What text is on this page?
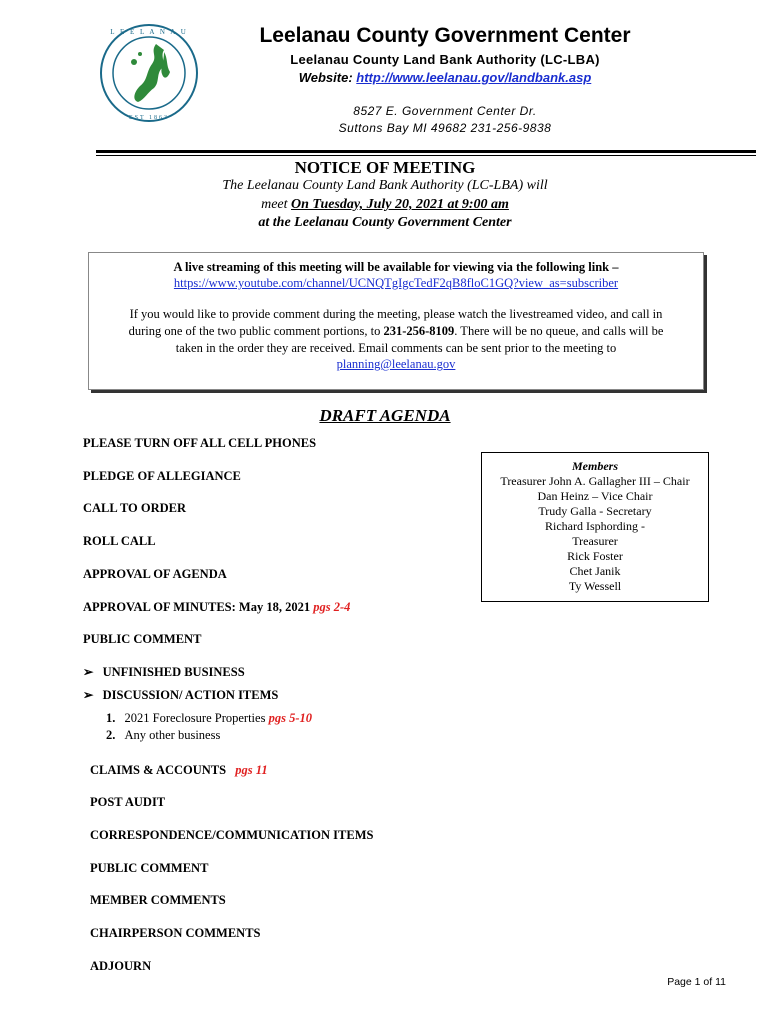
L E E L A N A U
EST 1863
Leelanau County Government Center
Leelanau County Land Bank Authority (LC-LBA)
Website: http://www.leelanau.gov/landbank.asp
8527 E. Government Center Dr.
Suttons Bay MI 49682 231-256-9838
NOTICE OF MEETING
The Leelanau County Land Bank Authority (LC-LBA) will
meet On Tuesday, July 20, 2021 at 9:00 am
at the Leelanau County Government Center
A live streaming of this meeting will be available for viewing via the following link –
https://www.youtube.com/channel/UCNQTgIgcTedF2qB8floC1GQ?view_as=subscriber
If you would like to provide comment during the meeting, please watch the livestreamed video, and call in
during one of the two public comment portions, to 231-256-8109. There will be no queue, and calls will be
taken in the order they are received. Email comments can be sent prior to the meeting to
planning@leelanau.gov
DRAFT AGENDA
PLEASE TURN OFF ALL CELL PHONES
PLEDGE OF ALLEGIANCE
CALL TO ORDER
ROLL CALL
APPROVAL OF AGENDA
APPROVAL OF MINUTES: May 18, 2021 pgs 2-4
PUBLIC COMMENT
➢ UNFINISHED BUSINESS
➢ DISCUSSION/ ACTION ITEMS
1. 2021 Foreclosure Properties pgs 5-10
2. Any other business
CLAIMS & ACCOUNTS pgs 11
POST AUDIT
CORRESPONDENCE/COMMUNICATION ITEMS
PUBLIC COMMENT
MEMBER COMMENTS
CHAIRPERSON COMMENTS
ADJOURN
Members
Treasurer John A. Gallagher III – Chair
Dan Heinz – Vice Chair
Trudy Galla - Secretary
Richard Isphording -
Treasurer
Rick Foster
Chet Janik
Ty Wessell
Page 1 of 11
